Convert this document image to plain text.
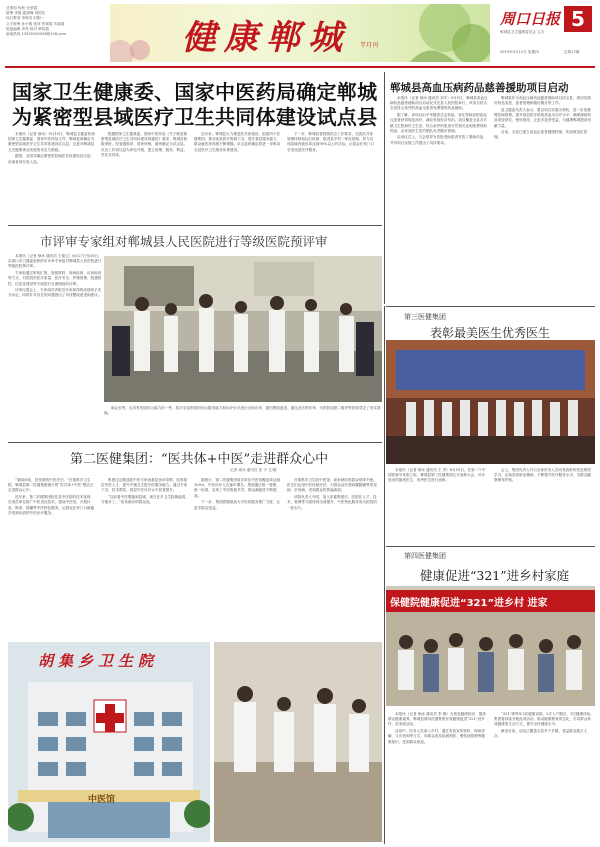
总策划 杨松 付爱霞
统筹 李德 霍建峰 刘国庆
执行策划 李海英 时刚一
文字统筹 孙小明 张萍 张翠霞 朱丽莉
组版编辑 李昂 校对 韩培霞
新闻热线 13592200026@126.com	健康郸城 半月刊
周口日报 5
郸城县卫生健康委员会 主办
2019年9月12日 星期四	总第17期
国家卫生健康委、国家中医药局确定郸城
为紧密型县域医疗卫生共同体建设试点县

本报讯（记者 徐冰）9月10日，郸城县卫健委收到国家卫生健康委、国家中医药局文件，郸城县被确定为紧密型县域医疗卫生共同体建设试点县，这是对郸城县卫生健康事业发展的肯定与鼓励。

据悉，全国共确定紧密型县域医共体建设试点县，河南省部分县入选。

根据国家卫生健康委、国家中医药局《关于推进紧密型县域医疗卫生共同体建设的通知》要求，郸城县积极申报，经省级推荐、国家审核，最终确定为试点县。试点工作将以县为单位开展，建立管理、服务、利益、责任共同体。

近年来，郸城县大力推进医共体建设，组建四个医健集团，推动优质医疗资源下沉，提升基层服务能力，群众就医获得感不断增强。试点县的确定将进一步推动全县医疗卫生服务体系建设。

下一步，郸城县将按照试点工作要求，完善医共体管理体制和运行机制，推进县乡村一体化管理，努力实现县域内就诊率达到90%以上的目标，让群众在家门口享受优质医疗服务。

郸城县高血压病药品慈善援助项目启动

本报讯（记者 徐冰 通讯员 刘丰）9月5日，郸城县高血压病药品慈善援助项目启动仪式在县人民医院举行，该项目将为全县符合条件的高血压患者免费提供药品援助。

据了解，该项目由中华慈善总会发起，旨在帮助贫困高血压患者获得规范治疗，减轻家庭经济负担。项目覆盖全县各乡镇卫生院和村卫生室，符合条件的患者可凭相关证明免费领取药品，由家庭医生签约团队负责随访管理。

启动仪式上，与会领导为首批受助患者发放了援助药品，并对项目实施工作提出了具体要求。

郸城县作为高血压病药品慈善援助项目试点县，将切实做好药品发放、患者管理和随访服务等工作。

县卫健委负责人表示，要以项目实施为契机，进一步加强慢性病管理，提升基层医疗机构高血压诊疗水平，确保援助药品发放到位、使用规范，让更多患者受益，为健康郸城建设贡献力量。

目前，全县已建立高血压患者健康档案，实现规范化管理。

市评审专家组对郸城县人民医院进行等级医院预评审

本报讯（记者 徐冰 通讯员 王德文）8月27日至28日，由周口市卫健委组织的市评审专家组对郸城县人民医院进行等级医院预评审。

专家组通过听取汇报、查阅资料、现场检查、访谈座谈等方式，对医院的医疗质量、医疗安全、护理管理、院感防控、信息化建设等方面进行全面细致的评审。

评审反馈会上，专家组对该院近年来取得的成绩给予充分肯定，同时针对存在的问题提出了具体整改意见和建议。

副会长等，也具有医院综合能力的一些，将对全县医院的综合服务能力和诊疗水平进行全面评审，提出整改意见。通过此次预评审，为医院创建二级甲等医院奠定了坚实基础。

第二医健集团：“医共体+中医”走进群众心中
记者 徐冰 通讯员 张 平 文/图

“望闻问切，是传统的中医疗法。”在胡集乡卫生院，郸城县第二医健集团推行的“医共体+中医”模式正走进群众心中。

近年来，第二医健集团依托县中医院的技术优势，在成员单位推广中医适宜技术，建设中医馆，开展针灸、推拿、拔罐等中医特色服务，让群众在家门口就能享受到优质的中医诊疗服务。

集团还定期选派中医专家到基层坐诊带教，培养基层中医人才，提升乡镇卫生院中医服务能力。通过专家下沉、技术帮扶，基层中医诊疗水平显著提升。

“以前看中医要跑到县城，现在在乡卫生院就能看，方便多了。”前来就诊的群众说。

据统计，第二医健集团成员单位中医馆覆盖率达到100%，中医诊疗人次逐年增长。集团通过统一管理、统一标准，实现了中医资源共享，群众满意度不断提高。

下一步，集团将继续加大中医药服务推广力度，让更多群众受益。

在胡集乡卫生院中医馆，前来就诊的群众络绎不绝。医生们运用中医传统疗法，为群众治疗颈肩腰腿痛等常见病、多发病，受到群众的普遍欢迎。

该院负责人介绍，加入医健集团后，医院在人才、技术、管理等方面得到全面提升，中医特色服务成为医院的一张名片。

胡集乡卫生院
中医馆
第三医健集团
表彰最美医生优秀医生

本报讯（记者 徐冰 通讯员 王 青）8月19日，在第二个中国医师节来临之际，郸城县第三医健集团召开表彰大会，对评选出的最美医生、优秀医生进行表彰。

会上，集团负责人号召全体医务人员向受表彰的先进典型学习，弘扬崇高职业精神，不断提升医疗服务水平，为群众健康保驾护航。

第四医健集团
健康促进“321”进乡村家庭
保健院健康促进“321”进乡村 进家

本报讯（记者 徐冰 通讯员 李 静）为普及健康知识，提高群众健康素养，郸城县第四医健集团开展健康促进“321”进乡村、进家庭活动。

活动中，医务人员深入乡村，通过发放宣传资料、现场讲解、义诊咨询等方式，向群众普及疾病预防、慢性病管理等健康知识，受到群众欢迎。

“321”即每年3次健康讲座、2次入户随访、1次健康体检。集团将持续开展此项活动，推动健康教育常态化，引导群众养成健康的生活方式，提升全民健康水平。

截至目前，活动已覆盖全县多个乡镇，受益群众数万人次。
